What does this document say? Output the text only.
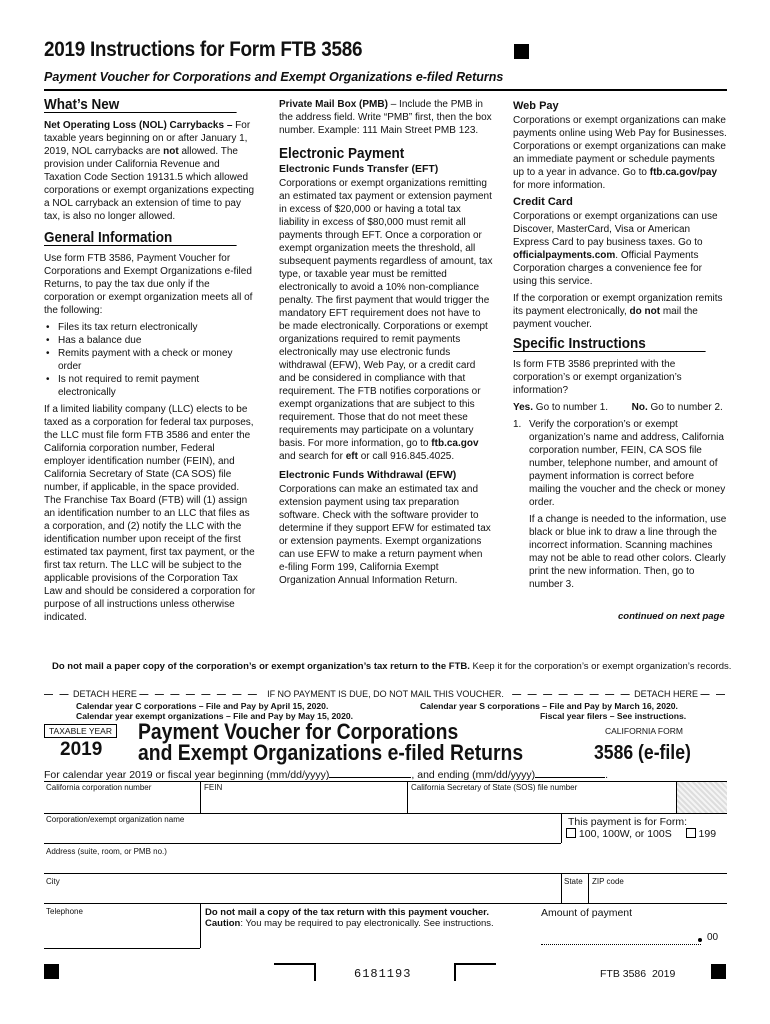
2019 Instructions for Form FTB 3586
Payment Voucher for Corporations and Exempt Organizations e-filed Returns
What’s New

Net Operating Loss (NOL) Carrybacks – For taxable years beginning on or after January 1, 2019, NOL carrybacks are not allowed. The provision under California Revenue and Taxation Code Section 19131.5 which allowed corporations or exempt organizations expecting a NOL carryback an extension of time to pay tax, is also no longer allowed.

General Information

Use form FTB 3586, Payment Voucher for Corporations and Exempt Organizations e-filed Returns, to pay the tax due only if the corporation or exempt organization meets all of the following:

• Files its tax return electronically
• Has a balance due
• Remits payment with a check or money order
• Is not required to remit payment electronically

If a limited liability company (LLC) elects to be taxed as a corporation for federal tax purposes, the LLC must file form FTB 3586 and enter the California corporation number, Federal employer identification number (FEIN), and California Secretary of State (CA SOS) file number, if applicable, in the space provided. The Franchise Tax Board (FTB) will (1) assign an identification number to an LLC that files as a corporation, and (2) notify the LLC with the identification number upon receipt of the first estimated tax payment, first tax payment, or the first tax return. The LLC will be subject to the applicable provisions of the Corporation Tax Law and should be considered a corporation for purpose of all instructions unless otherwise indicated.

Private Mail Box (PMB) – Include the PMB in the address field. Write “PMB” first, then the box number. Example: 111 Main Street PMB 123.

Electronic Payment
Electronic Funds Transfer (EFT)

Corporations or exempt organizations remitting an estimated tax payment or extension payment in excess of $20,000 or having a total tax liability in excess of $80,000 must remit all payments through EFT. Once a corporation or exempt organization meets the threshold, all subsequent payments regardless of amount, tax type, or taxable year must be remitted electronically to avoid a 10% non-compliance penalty. The first payment that would trigger the mandatory EFT requirement does not have to be made electronically. Corporations or exempt organizations required to remit payments electronically may use electronic funds withdrawal (EFW), Web Pay, or a credit card and be considered in compliance with that requirement. The FTB notifies corporations or exempt organizations that are subject to this requirement. Those that do not meet these requirements may participate on a voluntary basis. For more information, go to ftb.ca.gov and search for eft or call 916.845.4025.

Electronic Funds Withdrawal (EFW)

Corporations can make an estimated tax and extension payment using tax preparation software. Check with the software provider to determine if they support EFW for estimated tax or extension payments. Exempt organizations can use EFW to make a return payment when e-filing Form 199, California Exempt Organization Annual Information Return.

Web Pay

Corporations or exempt organizations can make payments online using Web Pay for Businesses. Corporations or exempt organizations can make an immediate payment or schedule payments up to a year in advance. Go to ftb.ca.gov/pay for more information.

Credit Card

Corporations or exempt organizations can use Discover, MasterCard, Visa or American Express Card to pay business taxes. Go to officialpayments.com. Official Payments Corporation charges a convenience fee for using this service.

If the corporation or exempt organization remits its payment electronically, do not mail the payment voucher.

Specific Instructions

Is form FTB 3586 preprinted with the corporation’s or exempt organization’s information?

Yes. Go to number 1. No. Go to number 2.

1. Verify the corporation’s or exempt organization’s name and address, California corporation number, FEIN, CA SOS file number, telephone number, and amount of payment information is correct before mailing the voucher and the check or money order.

If a change is needed to the information, use black or blue ink to draw a line through the incorrect information. Scanning machines may not be able to read other colors. Clearly print the new information. Then, go to number 3.

continued on next page
Do not mail a paper copy of the corporation’s or exempt organization’s tax return to the FTB. Keep it for the corporation’s or exempt organization’s records.
— — DETACH HERE — — — — — — — — IF NO PAYMENT IS DUE, DO NOT MAIL THIS VOUCHER. — — — — — — — — DETACH HERE — —
Calendar year C corporations – File and Pay by April 15, 2020.
Calendar year exempt organizations – File and Pay by May 15, 2020.
Calendar year S corporations – File and Pay by March 16, 2020.
Fiscal year filers – See instructions.
TAXABLE YEAR
2019
Payment Voucher for Corporations
and Exempt Organizations e-filed Returns
CALIFORNIA FORM
3586 (e-file)
For calendar year 2019 or fiscal year beginning (mm/dd/yyyy)	, and ending (mm/dd/yyyy)	.
California corporation number	FEIN	California Secretary of State (SOS) file number
Corporation/exempt organization name	This payment is for Form:
100, 100W, or 100S	199
Address (suite, room, or PMB no.)
City	State ZIP code
Telephone	Do not mail a copy of the tax return with this payment voucher.
Caution: You may be required to pay electronically. See instructions.
Amount of payment
00
6181193	FTB 3586  2019
